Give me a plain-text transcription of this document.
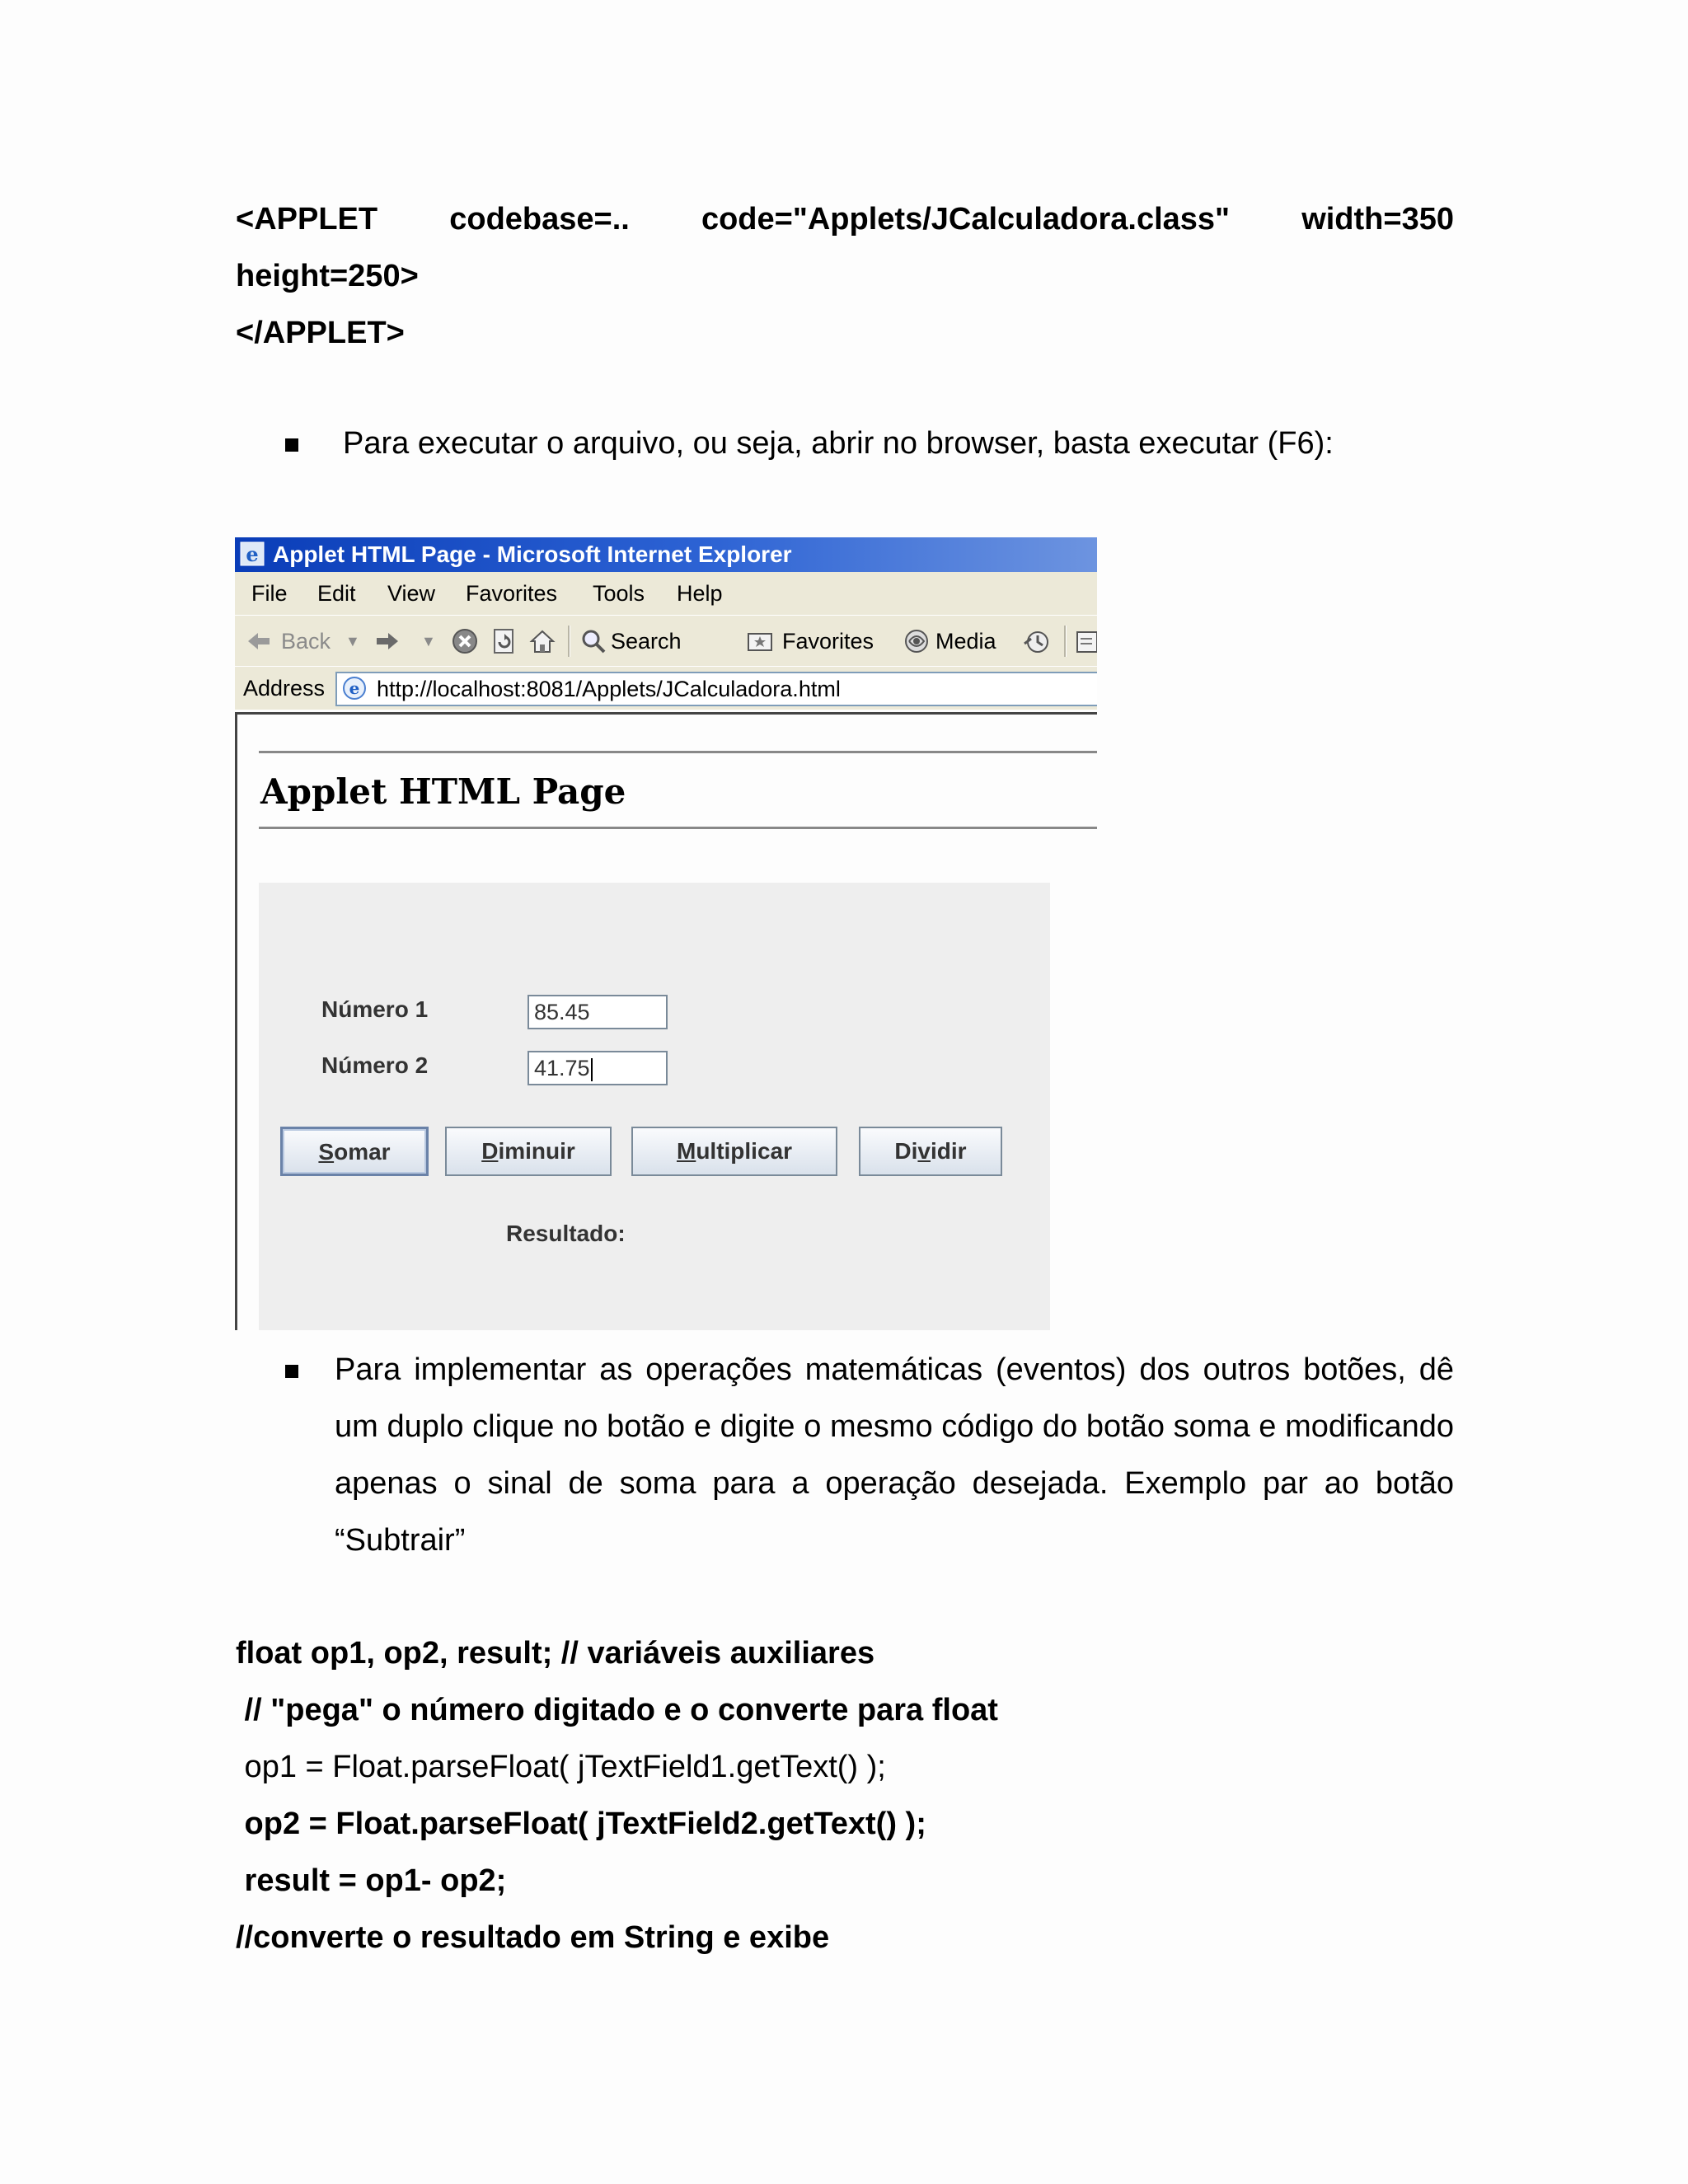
<APPLET codebase=.. code="Applets/JCalculadora.class" width=350
height=250>
</APPLET>
Para executar o arquivo, ou seja, abrir no browser, basta executar (F6):
e Applet HTML Page - Microsoft Internet Explorer
File Edit View Favorites Tools Help
Back ▼	▼	Search	Favorites	Media
Address e http://localhost:8081/Applets/JCalculadora.html
Applet HTML Page
Número 1	85.45
Número 2	41.75
Somar	Diminuir	Multiplicar	Dividir
Resultado:
Para implementar as operações matemáticas (eventos) dos outros botões, dê um duplo clique no botão e digite o mesmo código do botão soma e modificando apenas o sinal de soma para a operação desejada. Exemplo par ao botão “Subtrair”
float op1, op2, result; // variáveis auxiliares
// "pega" o número digitado e o converte para float
op1 = Float.parseFloat( jTextField1.getText() );
op2 = Float.parseFloat( jTextField2.getText() );
result = op1- op2;
//converte o resultado em String e exibe
